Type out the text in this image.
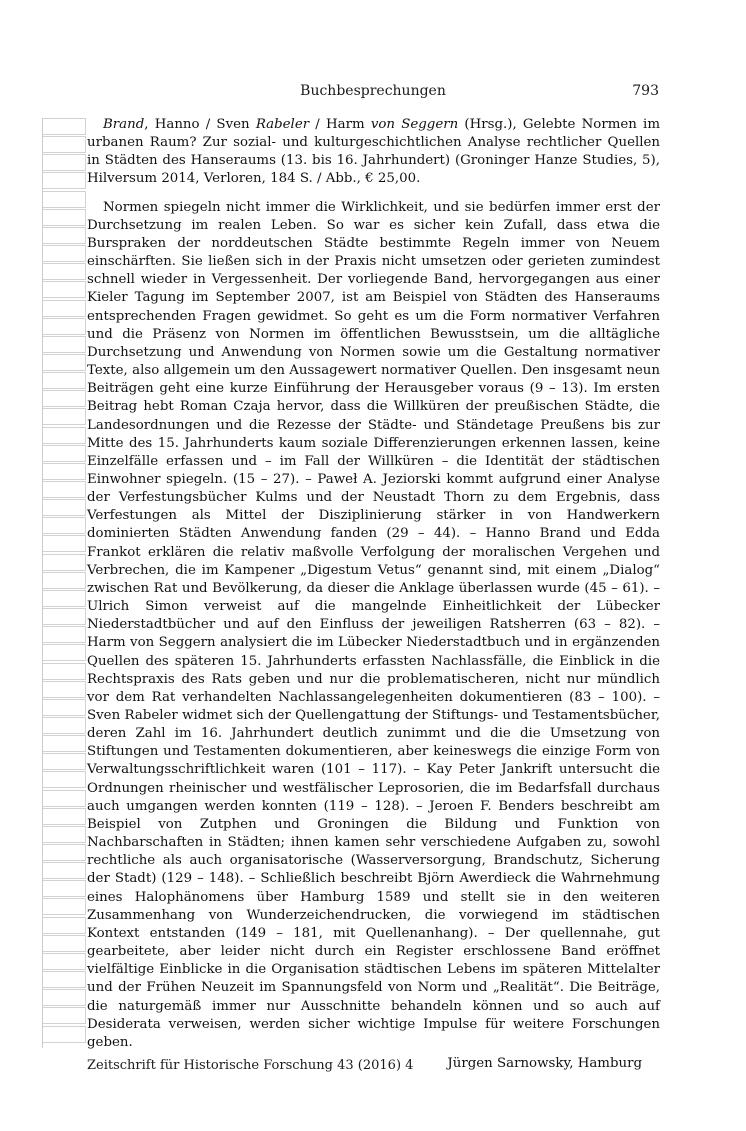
Buchbesprechungen	793

Brand, Hanno / Sven Rabeler / Harm von Seggern (Hrsg.), Gelebte Normen im urbanen Raum? Zur sozial- und kulturgeschichtlichen Analyse rechtlicher Quellen in Städten des Hanseraums (13. bis 16. Jahrhundert) (Groninger Hanze Studies, 5), Hilversum 2014, Verloren, 184 S. / Abb., € 25,00.

Normen spiegeln nicht immer die Wirklichkeit, und sie bedürfen immer erst der Durchsetzung im realen Leben. So war es sicher kein Zufall, dass etwa die Burspraken der norddeutschen Städte bestimmte Regeln immer von Neuem einschärften. Sie ließen sich in der Praxis nicht umsetzen oder gerieten zumindest schnell wieder in Vergessenheit. Der vorliegende Band, hervorgegangen aus einer Kieler Tagung im September 2007, ist am Beispiel von Städten des Hanseraums entsprechenden Fragen gewidmet. So geht es um die Form normativer Verfahren und die Präsenz von Normen im öffentlichen Bewusstsein, um die alltägliche Durchsetzung und Anwendung von Normen sowie um die Gestaltung normativer Texte, also allgemein um den Aussagewert normativer Quellen. Den insgesamt neun Beiträgen geht eine kurze Einführung der Herausgeber voraus (9 – 13). Im ersten Beitrag hebt Roman Czaja hervor, dass die Willküren der preußischen Städte, die Landesordnungen und die Rezesse der Städte- und Ständetage Preußens bis zur Mitte des 15. Jahrhunderts kaum soziale Differenzierungen erkennen lassen, keine Einzelfälle erfassen und – im Fall der Willküren – die Identität der städtischen Einwohner spiegeln. (15 – 27). – Paweł A. Jeziorski kommt aufgrund einer Analyse der Verfestungsbücher Kulms und der Neustadt Thorn zu dem Ergebnis, dass Verfestungen als Mittel der Disziplinierung stärker in von Handwerkern dominierten Städten Anwendung fanden (29 – 44). – Hanno Brand und Edda Frankot erklären die relativ maßvolle Verfolgung der moralischen Vergehen und Verbrechen, die im Kampener „Digestum Vetus“ genannt sind, mit einem „Dialog“ zwischen Rat und Bevölkerung, da dieser die Anklage überlassen wurde (45 – 61). – Ulrich Simon verweist auf die mangelnde Einheitlichkeit der Lübecker Niederstadtbücher und auf den Einfluss der jeweiligen Ratsherren (63 – 82). – Harm von Seggern analysiert die im Lübecker Niederstadtbuch und in ergänzenden Quellen des späteren 15. Jahrhunderts erfassten Nachlassfälle, die Einblick in die Rechtspraxis des Rats geben und nur die problematischeren, nicht nur mündlich vor dem Rat verhandelten Nachlassangelegenheiten dokumentieren (83 – 100). – Sven Rabeler widmet sich der Quellengattung der Stiftungs- und Testamentsbücher, deren Zahl im 16. Jahrhundert deutlich zunimmt und die die Umsetzung von Stiftungen und Testamenten dokumentieren, aber keineswegs die einzige Form von Verwaltungsschriftlichkeit waren (101 – 117). – Kay Peter Jankrift untersucht die Ordnungen rheinischer und westfälischer Leprosorien, die im Bedarfsfall durchaus auch umgangen werden konnten (119 – 128). – Jeroen F. Benders beschreibt am Beispiel von Zutphen und Groningen die Bildung und Funktion von Nachbarschaften in Städten; ihnen kamen sehr verschiedene Aufgaben zu, sowohl rechtliche als auch organisatorische (Wasserversorgung, Brandschutz, Sicherung der Stadt) (129 – 148). – Schließlich beschreibt Björn Awerdieck die Wahrnehmung eines Halophänomens über Hamburg 1589 und stellt sie in den weiteren Zusammenhang von Wunderzeichendrucken, die vorwiegend im städtischen Kontext entstanden (149 – 181, mit Quellenanhang). – Der quellennahe, gut gearbeitete, aber leider nicht durch ein Register erschlossene Band eröffnet vielfältige Einblicke in die Organisation städtischen Lebens im späteren Mittelalter und der Frühen Neuzeit im Spannungsfeld von Norm und „Realität“. Die Beiträge, die naturgemäß immer nur Ausschnitte behandeln können und so auch auf Desiderata verweisen, werden sicher wichtige Impulse für weitere Forschungen geben.

Jürgen Sarnowsky, Hamburg

Zeitschrift für Historische Forschung 43 (2016) 4
